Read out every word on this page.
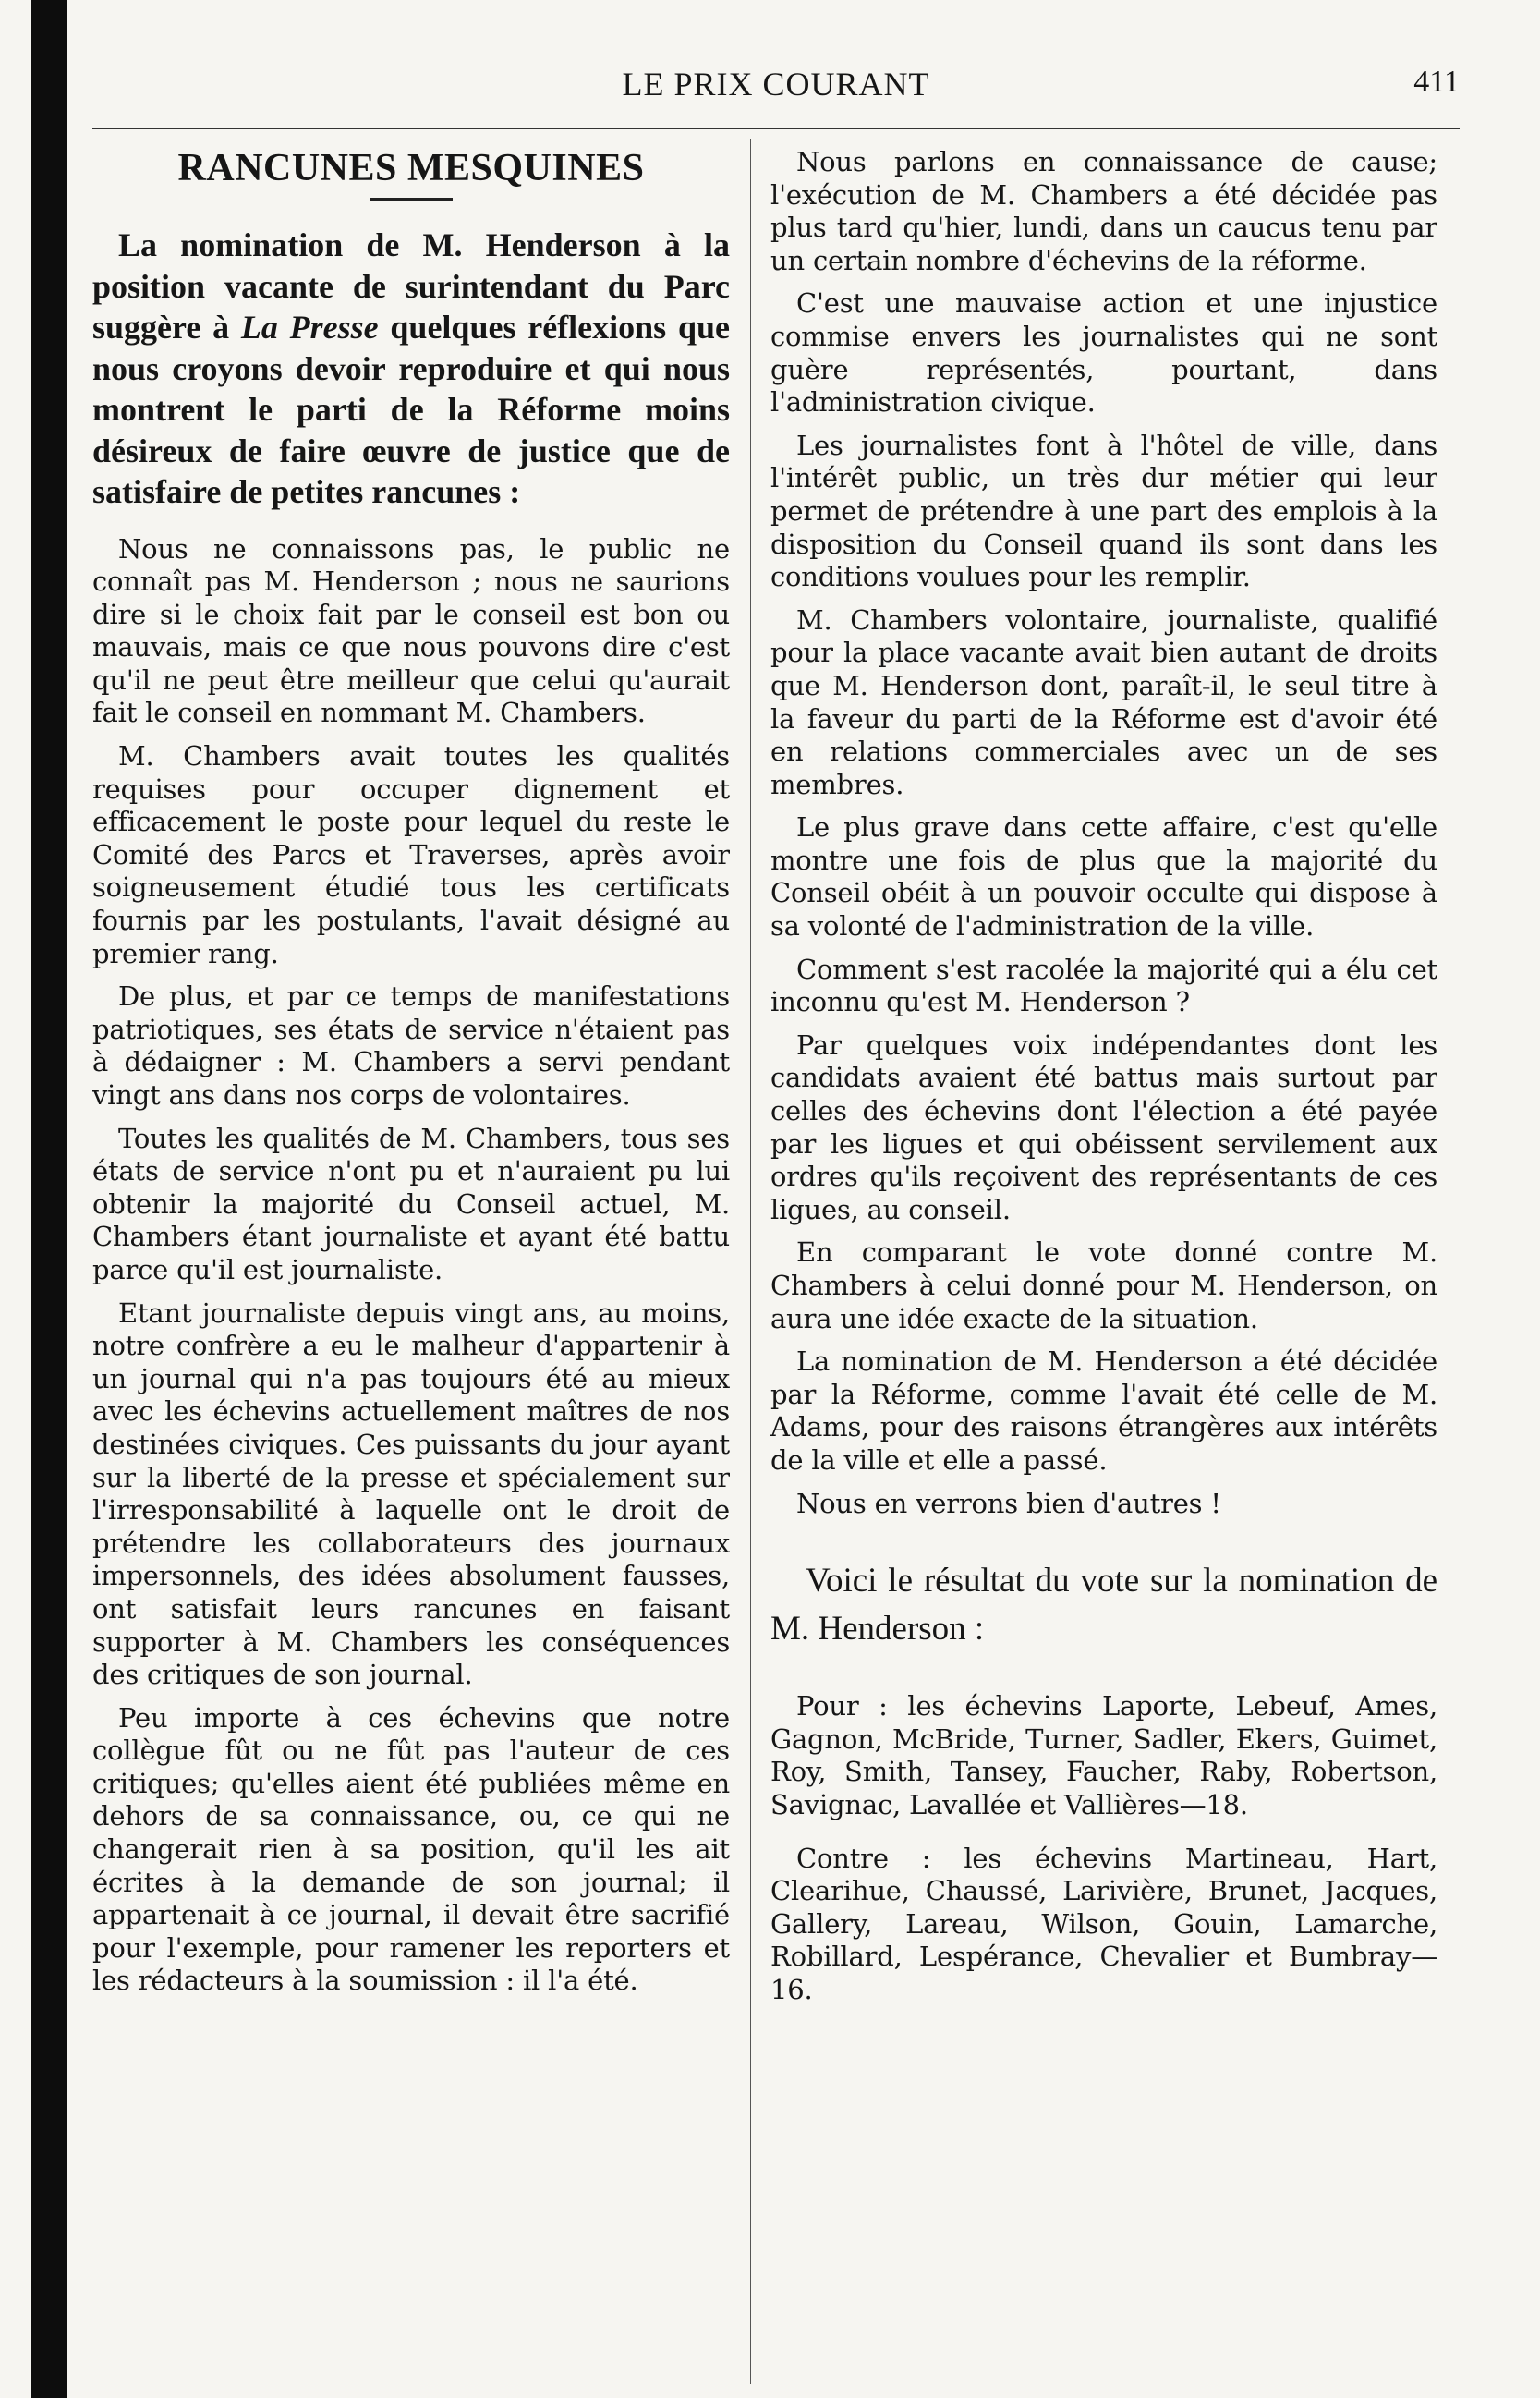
LE PRIX COURANT	411
RANCUNES MESQUINES

La nomination de M. Henderson à la position vacante de surintendant du Parc suggère à La Presse quelques réflexions que nous croyons devoir reproduire et qui nous montrent le parti de la Réforme moins désireux de faire œuvre de justice que de satisfaire de petites rancunes :

Nous ne connaissons pas, le public ne connaît pas M. Henderson ; nous ne saurions dire si le choix fait par le conseil est bon ou mauvais, mais ce que nous pouvons dire c'est qu'il ne peut être meilleur que celui qu'aurait fait le conseil en nommant M. Chambers.

M. Chambers avait toutes les qualités requises pour occuper dignement et efficacement le poste pour lequel du reste le Comité des Parcs et Traverses, après avoir soigneusement étudié tous les certificats fournis par les postulants, l'avait désigné au premier rang.

De plus, et par ce temps de manifestations patriotiques, ses états de service n'étaient pas à dédaigner : M. Chambers a servi pendant vingt ans dans nos corps de volontaires.

Toutes les qualités de M. Chambers, tous ses états de service n'ont pu et n'auraient pu lui obtenir la majorité du Conseil actuel, M. Chambers étant journaliste et ayant été battu parce qu'il est journaliste.

Etant journaliste depuis vingt ans, au moins, notre confrère a eu le malheur d'appartenir à un journal qui n'a pas toujours été au mieux avec les échevins actuellement maîtres de nos destinées civiques. Ces puissants du jour ayant sur la liberté de la presse et spécialement sur l'irresponsabilité à laquelle ont le droit de prétendre les collaborateurs des journaux impersonnels, des idées absolument fausses, ont satisfait leurs rancunes en faisant supporter à M. Chambers les conséquences des critiques de son journal.

Peu importe à ces échevins que notre collègue fût ou ne fût pas l'auteur de ces critiques; qu'elles aient été publiées même en dehors de sa connaissance, ou, ce qui ne changerait rien à sa position, qu'il les ait écrites à la demande de son journal; il appartenait à ce journal, il devait être sacrifié pour l'exemple, pour ramener les reporters et les rédacteurs à la soumission : il l'a été.

Nous parlons en connaissance de cause; l'exécution de M. Chambers a été décidée pas plus tard qu'hier, lundi, dans un caucus tenu par un certain nombre d'échevins de la réforme.

C'est une mauvaise action et une injustice commise envers les journalistes qui ne sont guère représentés, pourtant, dans l'administration civique.

Les journalistes font à l'hôtel de ville, dans l'intérêt public, un très dur métier qui leur permet de prétendre à une part des emplois à la disposition du Conseil quand ils sont dans les conditions voulues pour les remplir.

M. Chambers volontaire, journaliste, qualifié pour la place vacante avait bien autant de droits que M. Henderson dont, paraît-il, le seul titre à la faveur du parti de la Réforme est d'avoir été en relations commerciales avec un de ses membres.

Le plus grave dans cette affaire, c'est qu'elle montre une fois de plus que la majorité du Conseil obéit à un pouvoir occulte qui dispose à sa volonté de l'administration de la ville.

Comment s'est racolée la majorité qui a élu cet inconnu qu'est M. Henderson ?

Par quelques voix indépendantes dont les candidats avaient été battus mais surtout par celles des échevins dont l'élection a été payée par les ligues et qui obéissent servilement aux ordres qu'ils reçoivent des représentants de ces ligues, au conseil.

En comparant le vote donné contre M. Chambers à celui donné pour M. Henderson, on aura une idée exacte de la situation.

La nomination de M. Henderson a été décidée par la Réforme, comme l'avait été celle de M. Adams, pour des raisons étrangères aux intérêts de la ville et elle a passé.

Nous en verrons bien d'autres !

Voici le résultat du vote sur la nomination de M. Henderson :

Pour : les échevins Laporte, Lebeuf, Ames, Gagnon, McBride, Turner, Sadler, Ekers, Guimet, Roy, Smith, Tansey, Faucher, Raby, Robertson, Savignac, Lavallée et Vallières—18.

Contre : les échevins Martineau, Hart, Clearihue, Chaussé, Larivière, Brunet, Jacques, Gallery, Lareau, Wilson, Gouin, Lamarche, Robillard, Lespérance, Chevalier et Bumbray—16.
